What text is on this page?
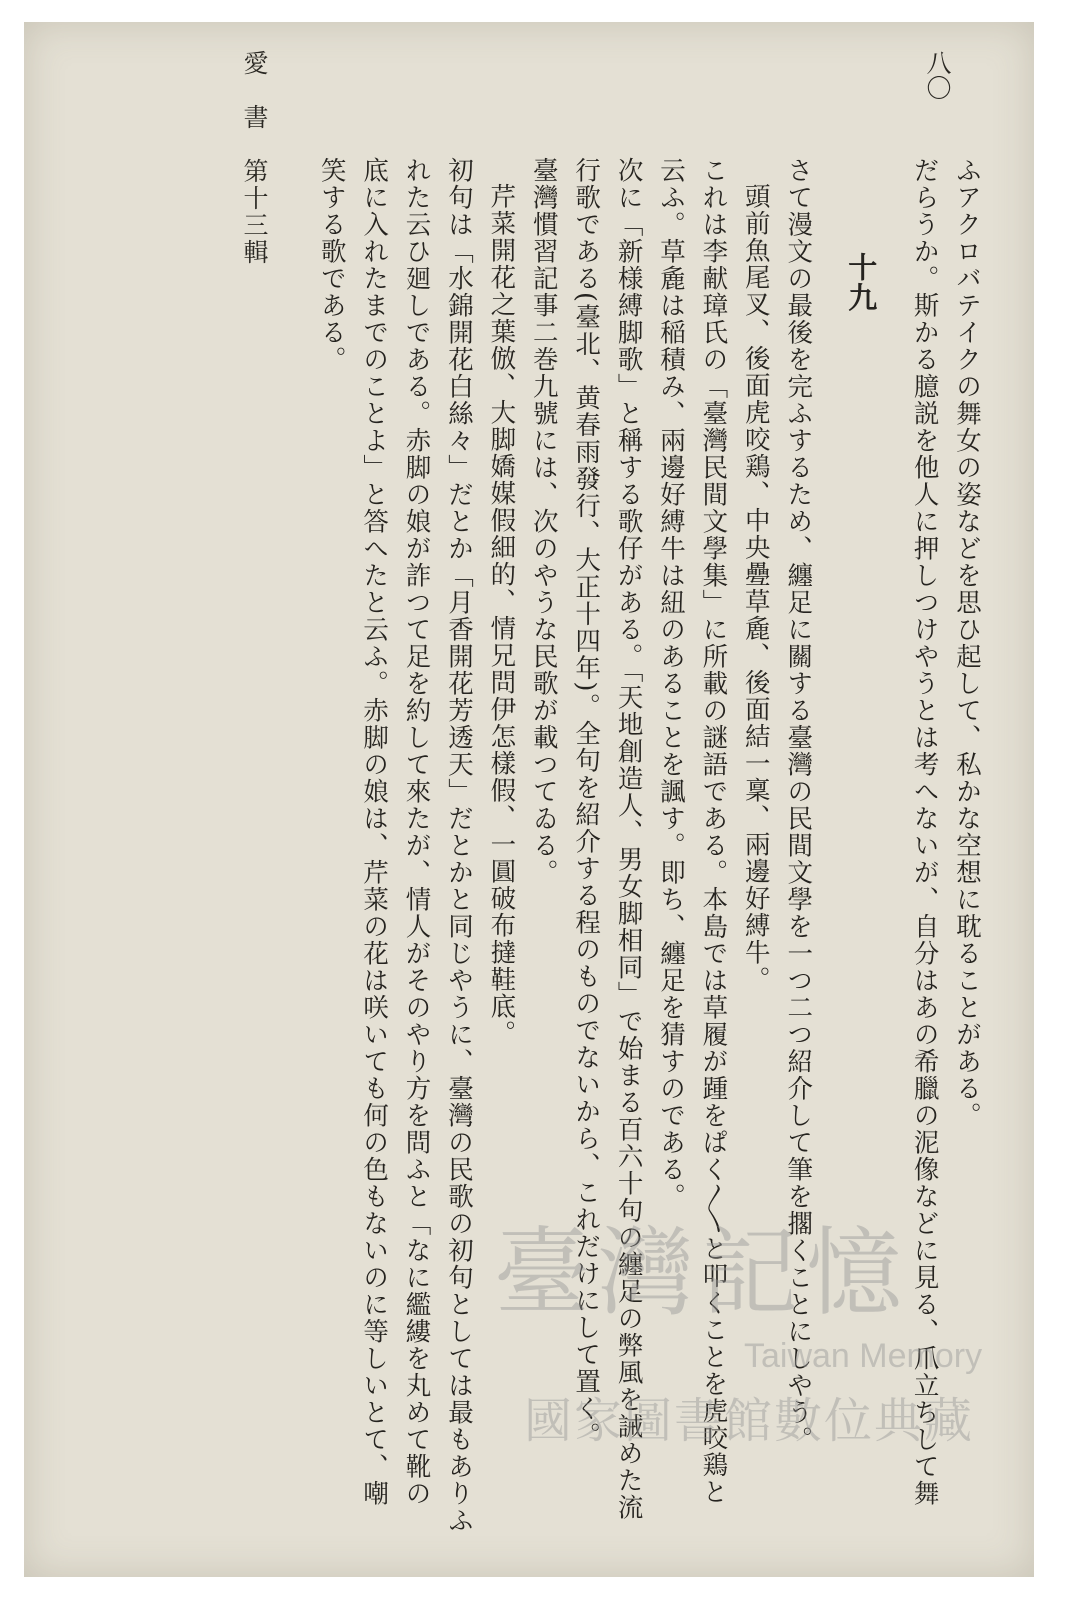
愛　書　第十三輯	八〇
ふアクロバテイクの舞女の姿などを思ひ起して、私かな空想に耽ることがある。
だらうか。斯かる臆説を他人に押しつけやうとは考へないが、自分はあの希臘の泥像などに見る、爪立ちして舞
十九
さて漫文の最後を完ふするため、纏足に關する臺灣の民間文學を一つ二つ紹介して筆を擱くことにしやう。
頭前魚尾叉、後面虎咬鶏、中央疉草麁、後面結一稟、兩邊好縛牛。
これは李献璋氏の「臺灣民間文學集」に所載の謎語である。本島では草履が踵をぱく〳〵と叩くことを虎咬鶏と
云ふ。草麁は稲積み、兩邊好縛牛は紐のあることを諷す。即ち、纏足を猜すのである。
次に「新様縛脚歌」と稱する歌仔がある。「天地創造人、男女脚相同」で始まる百六十句の纏足の弊風を誡めた流
行歌である(臺北、黄春雨發行、大正十四年)。全句を紹介する程のものでないから、これだけにして置く。
臺灣慣習記事二巻九號には、次のやうな民歌が載つてゐる。
芹菜開花之葉倣、大脚嬌媒假細的、情兄問伊怎樣假、一圓破布撻鞋底。
初句は「水錦開花白絲々」だとか「月香開花芳透天」だとかと同じやうに、臺灣の民歌の初句としては最もありふ
れた云ひ廻しである。赤脚の娘が詐つて足を約して來たが、情人がそのやり方を問ふと「なに繿縷を丸めて靴の
底に入れたまでのことよ」と答へたと云ふ。赤脚の娘は、芹菜の花は咲いても何の色もないのに等しいとて、嘲
笑する歌である。
臺灣記憶
Taiwan Memory
國家圖書館數位典藏
